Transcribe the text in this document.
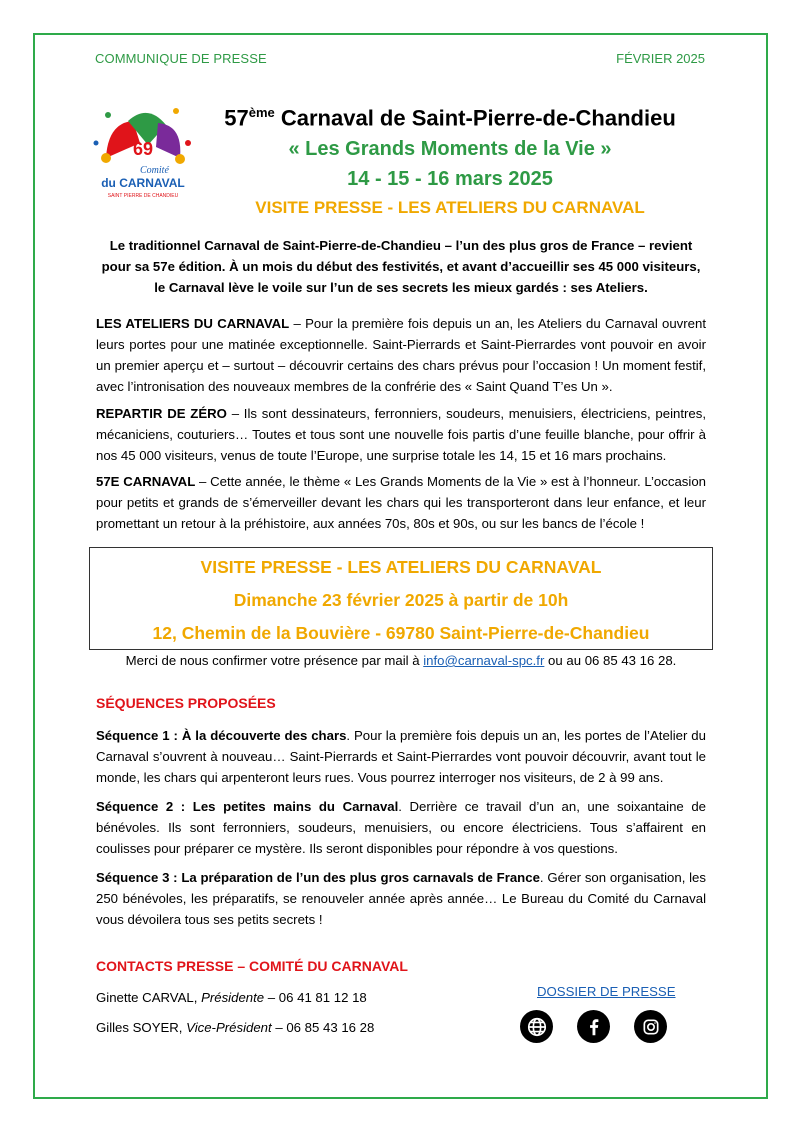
COMMUNIQUE DE PRESSE	FÉVRIER 2025
69
Comité
du CARNAVAL
SAINT PIERRE DE CHANDIEU
57ème Carnaval de Saint-Pierre-de-Chandieu
« Les Grands Moments de la Vie »
14 - 15 - 16 mars 2025
VISITE PRESSE - LES ATELIERS DU CARNAVAL
Le traditionnel Carnaval de Saint-Pierre-de-Chandieu – l’un des plus gros de France – revient pour sa 57e édition. À un mois du début des festivités, et avant d’accueillir ses 45 000 visiteurs, le Carnaval lève le voile sur l’un de ses secrets les mieux gardés : ses Ateliers.
LES ATELIERS DU CARNAVAL – Pour la première fois depuis un an, les Ateliers du Carnaval ouvrent leurs portes pour une matinée exceptionnelle. Saint-Pierrards et Saint-Pierrardes vont pouvoir en avoir un premier aperçu et – surtout – découvrir certains des chars prévus pour l’occasion ! Un moment festif, avec l’intronisation des nouveaux membres de la confrérie des « Saint Quand T’es Un ».
REPARTIR DE ZÉRO – Ils sont dessinateurs, ferronniers, soudeurs, menuisiers, électriciens, peintres, mécaniciens, couturiers… Toutes et tous sont une nouvelle fois partis d’une feuille blanche, pour offrir à nos 45 000 visiteurs, venus de toute l’Europe, une surprise totale les 14, 15 et 16 mars prochains.
57E CARNAVAL – Cette année, le thème « Les Grands Moments de la Vie » est à l’honneur. L’occasion pour petits et grands de s’émerveiller devant les chars qui les transporteront dans leur enfance, et leur promettant un retour à la préhistoire, aux années 70s, 80s et 90s, ou sur les bancs de l’école !
VISITE PRESSE - LES ATELIERS DU CARNAVAL
Dimanche 23 février 2025 à partir de 10h
12, Chemin de la Bouvière - 69780 Saint-Pierre-de-Chandieu
Merci de nous confirmer votre présence par mail à info@carnaval-spc.fr ou au 06 85 43 16 28.
SÉQUENCES PROPOSÉES
Séquence 1 : À la découverte des chars. Pour la première fois depuis un an, les portes de l’Atelier du Carnaval s’ouvrent à nouveau… Saint-Pierrards et Saint-Pierrardes vont pouvoir découvrir, avant tout le monde, les chars qui arpenteront leurs rues. Vous pourrez interroger nos visiteurs, de 2 à 99 ans.
Séquence 2 : Les petites mains du Carnaval. Derrière ce travail d’un an, une soixantaine de bénévoles. Ils sont ferronniers, soudeurs, menuisiers, ou encore électriciens. Tous s’affairent en coulisses pour préparer ce mystère. Ils seront disponibles pour répondre à vos questions.
Séquence 3 : La préparation de l’un des plus gros carnavals de France. Gérer son organisation, les 250 bénévoles, les préparatifs, se renouveler année après année… Le Bureau du Comité du Carnaval vous dévoilera tous ses petits secrets !
CONTACTS PRESSE – COMITÉ DU CARNAVAL
Ginette CARVAL, Présidente – 06 41 81 12 18
Gilles SOYER, Vice-Président – 06 85 43 16 28
DOSSIER DE PRESSE
